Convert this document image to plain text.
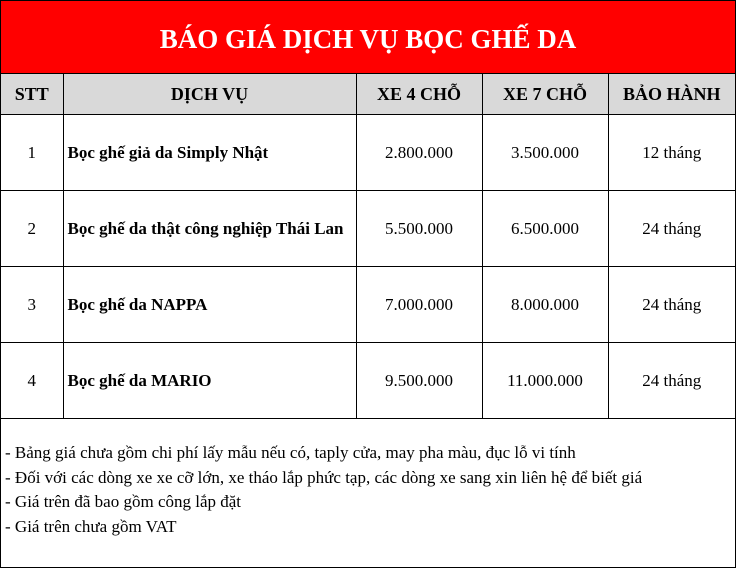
BÁO GIÁ DỊCH VỤ BỌC GHẾ DA
STT	DỊCH VỤ	XE 4 CHỖ	XE 7 CHỖ	BẢO HÀNH
1	Bọc ghế giả da Simply Nhật	2.800.000	3.500.000	12 tháng
2	Bọc ghế da thật công nghiệp Thái Lan	5.500.000	6.500.000	24 tháng
3	Bọc ghế da NAPPA	7.000.000	8.000.000	24 tháng
4	Bọc ghế da MARIO	9.500.000	11.000.000	24 tháng
- Bảng giá chưa gồm chi phí lấy mẫu nếu có, taply cửa, may pha màu, đục lỗ vi tính
- Đối với các dòng xe xe cỡ lớn, xe tháo lắp phức tạp, các dòng xe sang xin liên hệ để biết giá
- Giá trên đã bao gồm công lắp đặt
- Giá trên chưa gồm VAT
